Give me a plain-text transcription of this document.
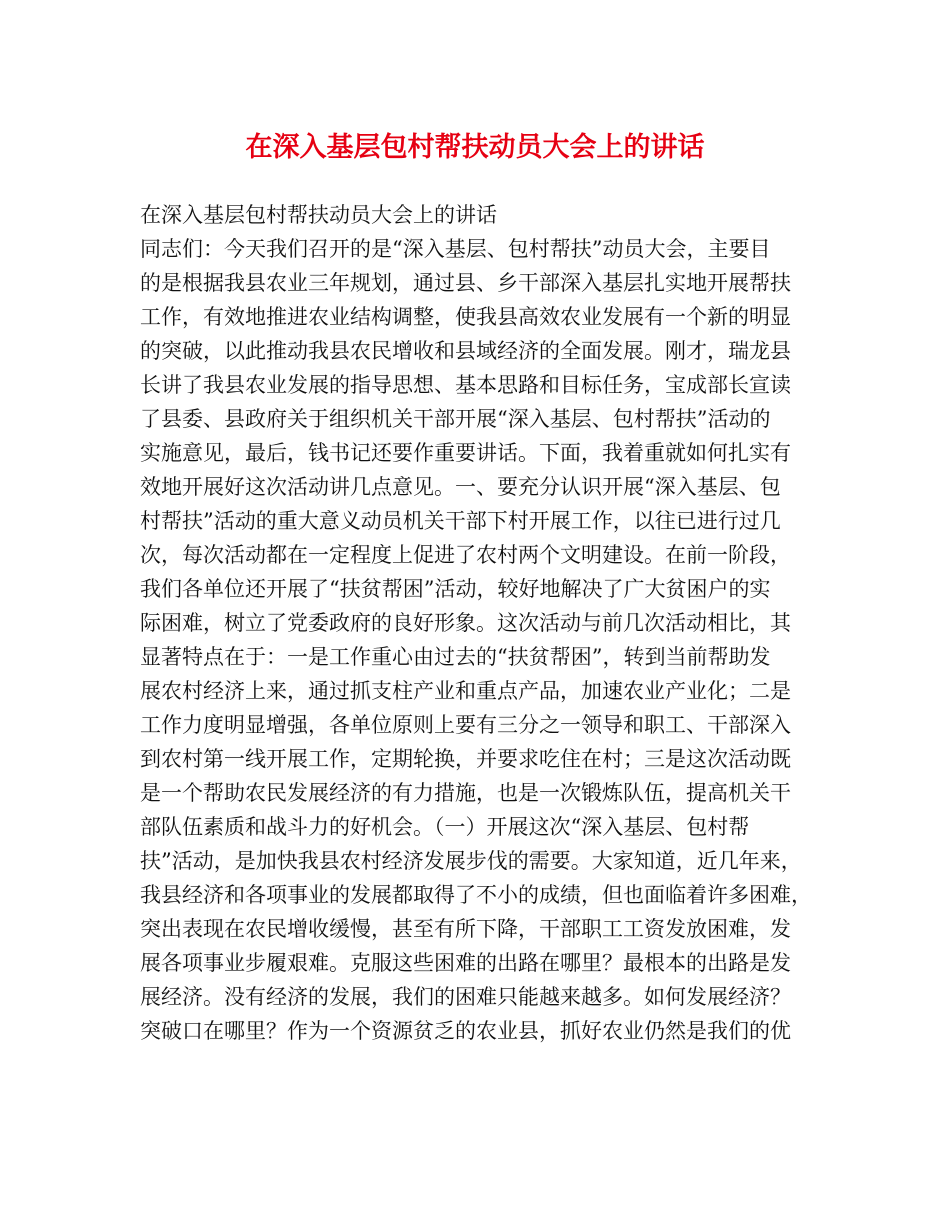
在深入基层包村帮扶动员大会上的讲话
在深入基层包村帮扶动员大会上的讲话
同志们：今天我们召开的是“深入基层、包村帮扶”动员大会，主要目
的是根据我县农业三年规划，通过县、乡干部深入基层扎实地开展帮扶
工作，有效地推进农业结构调整，使我县高效农业发展有一个新的明显
的突破，以此推动我县农民增收和县域经济的全面发展。刚才，瑞龙县
长讲了我县农业发展的指导思想、基本思路和目标任务，宝成部长宣读
了县委、县政府关于组织机关干部开展“深入基层、包村帮扶”活动的
实施意见，最后，钱书记还要作重要讲话。下面，我着重就如何扎实有
效地开展好这次活动讲几点意见。一、要充分认识开展“深入基层、包
村帮扶”活动的重大意义动员机关干部下村开展工作，以往已进行过几
次，每次活动都在一定程度上促进了农村两个文明建设。在前一阶段，
我们各单位还开展了“扶贫帮困”活动，较好地解决了广大贫困户的实
际困难，树立了党委政府的良好形象。这次活动与前几次活动相比，其
显著特点在于：一是工作重心由过去的“扶贫帮困”，转到当前帮助发
展农村经济上来，通过抓支柱产业和重点产品，加速农业产业化；二是
工作力度明显增强，各单位原则上要有三分之一领导和职工、干部深入
到农村第一线开展工作，定期轮换，并要求吃住在村；三是这次活动既
是一个帮助农民发展经济的有力措施，也是一次锻炼队伍，提高机关干
部队伍素质和战斗力的好机会。（一）开展这次“深入基层、包村帮
扶”活动，是加快我县农村经济发展步伐的需要。大家知道，近几年来，
我县经济和各项事业的发展都取得了不小的成绩，但也面临着许多困难，
突出表现在农民增收缓慢，甚至有所下降，干部职工工资发放困难，发
展各项事业步履艰难。克服这些困难的出路在哪里？最根本的出路是发
展经济。没有经济的发展，我们的困难只能越来越多。如何发展经济？
突破口在哪里？作为一个资源贫乏的农业县，抓好农业仍然是我们的优
